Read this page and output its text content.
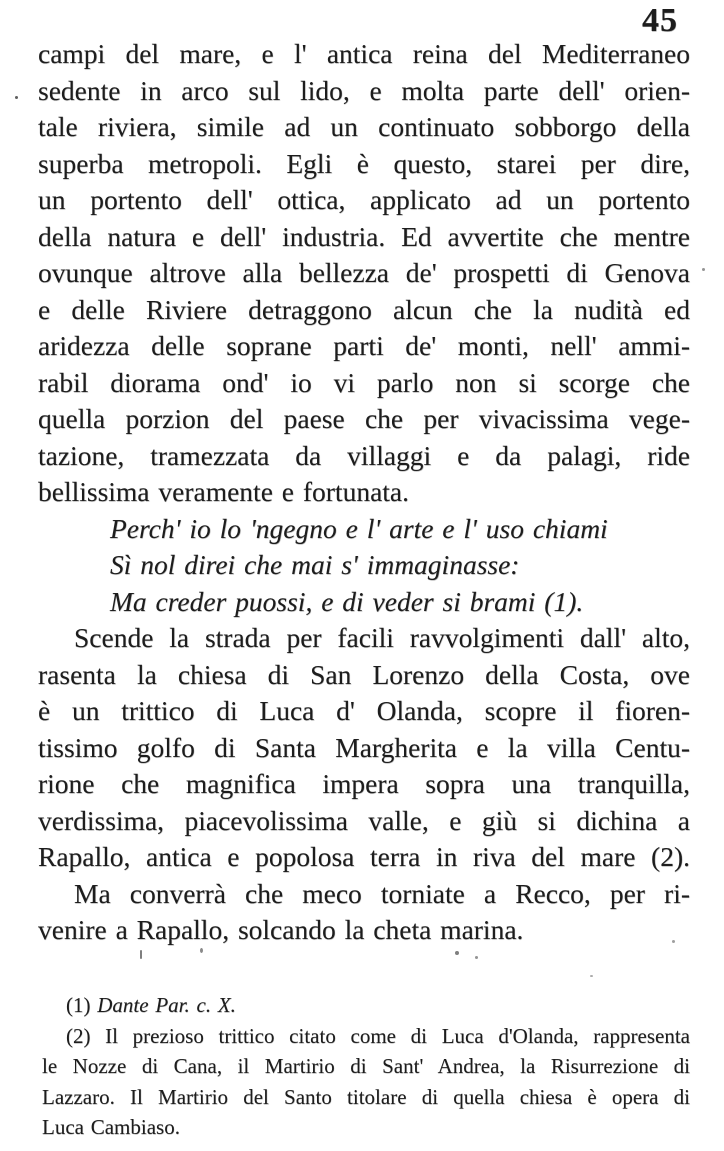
45
campi del mare, e l' antica reina del Mediterraneo
sedente in arco sul lido, e molta parte dell' orien-
tale riviera, simile ad un continuato sobborgo della
superba metropoli. Egli è questo, starei per dire,
un portento dell' ottica, applicato ad un portento
della natura e dell' industria. Ed avvertite che mentre
ovunque altrove alla bellezza de' prospetti di Genova
e delle Riviere detraggono alcun che la nudità ed
aridezza delle soprane parti de' monti, nell' ammi-
rabil diorama ond' io vi parlo non si scorge che
quella porzion del paese che per vivacissima vege-
tazione, tramezzata da villaggi e da palagi, ride
bellissima veramente e fortunata.
Perch' io lo 'ngegno e l' arte e l' uso chiami
Sì nol direi che mai s' immaginasse:
Ma creder puossi, e di veder si brami (1).
Scende la strada per facili ravvolgimenti dall' alto,
rasenta la chiesa di San Lorenzo della Costa, ove
è un trittico di Luca d' Olanda, scopre il fioren-
tissimo golfo di Santa Margherita e la villa Centu-
rione che magnifica impera sopra una tranquilla,
verdissima, piacevolissima valle, e giù si dichina a
Rapallo, antica e popolosa terra in riva del mare (2).
Ma converrà che meco torniate a Recco, per ri-
venire a Rapallo, solcando la cheta marina.
(1) Dante Par. c. X.
(2) Il prezioso trittico citato come di Luca d'Olanda, rappresenta
le Nozze di Cana, il Martirio di Sant' Andrea, la Risurrezione di
Lazzaro. Il Martirio del Santo titolare di quella chiesa è opera di
Luca Cambiaso.
